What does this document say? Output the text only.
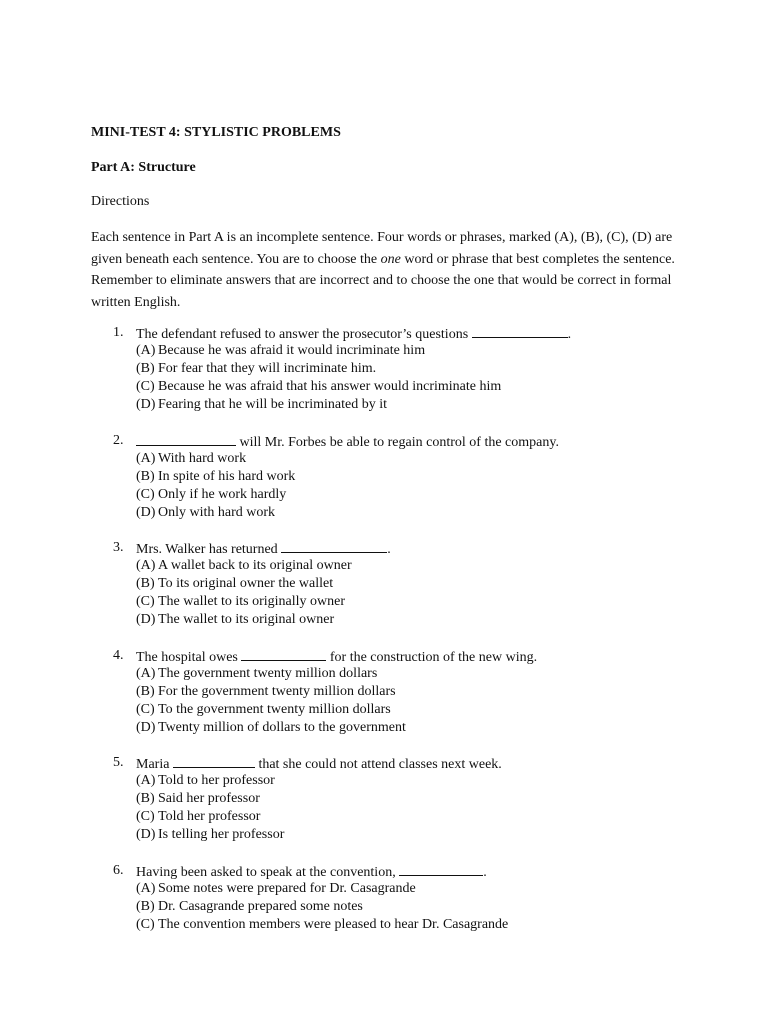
MINI-TEST 4: STYLISTIC PROBLEMS
Part A: Structure
Directions
Each sentence in Part A is an incomplete sentence. Four words or phrases, marked (A), (B), (C), (D) are given beneath each sentence. You are to choose the one word or phrase that best completes the sentence. Remember to eliminate answers that are incorrect and to choose the one that would be correct in formal written English.
1. The defendant refused to answer the prosecutor’s questions	.
(A) Because he was afraid it would incriminate him
(B) For fear that they will incriminate him.
(C) Because he was afraid that his answer would incriminate him
(D) Fearing that he will be incriminated by it
2.	will Mr. Forbes be able to regain control of the company.
(A) With hard work
(B) In spite of his hard work
(C) Only if he work hardly
(D) Only with hard work
3. Mrs. Walker has returned	.
(A) A wallet back to its original owner
(B) To its original owner the wallet
(C) The wallet to its originally owner
(D) The wallet to its original owner
4. The hospital owes	for the construction of the new wing.
(A) The government twenty million dollars
(B) For the government twenty million dollars
(C) To the government twenty million dollars
(D) Twenty million of dollars to the government
5. Maria	that she could not attend classes next week.
(A) Told to her professor
(B) Said her professor
(C) Told her professor
(D) Is telling her professor
6. Having been asked to speak at the convention,	.
(A) Some notes were prepared for Dr. Casagrande
(B) Dr. Casagrande prepared some notes
(C) The convention members were pleased to hear Dr. Casagrande
